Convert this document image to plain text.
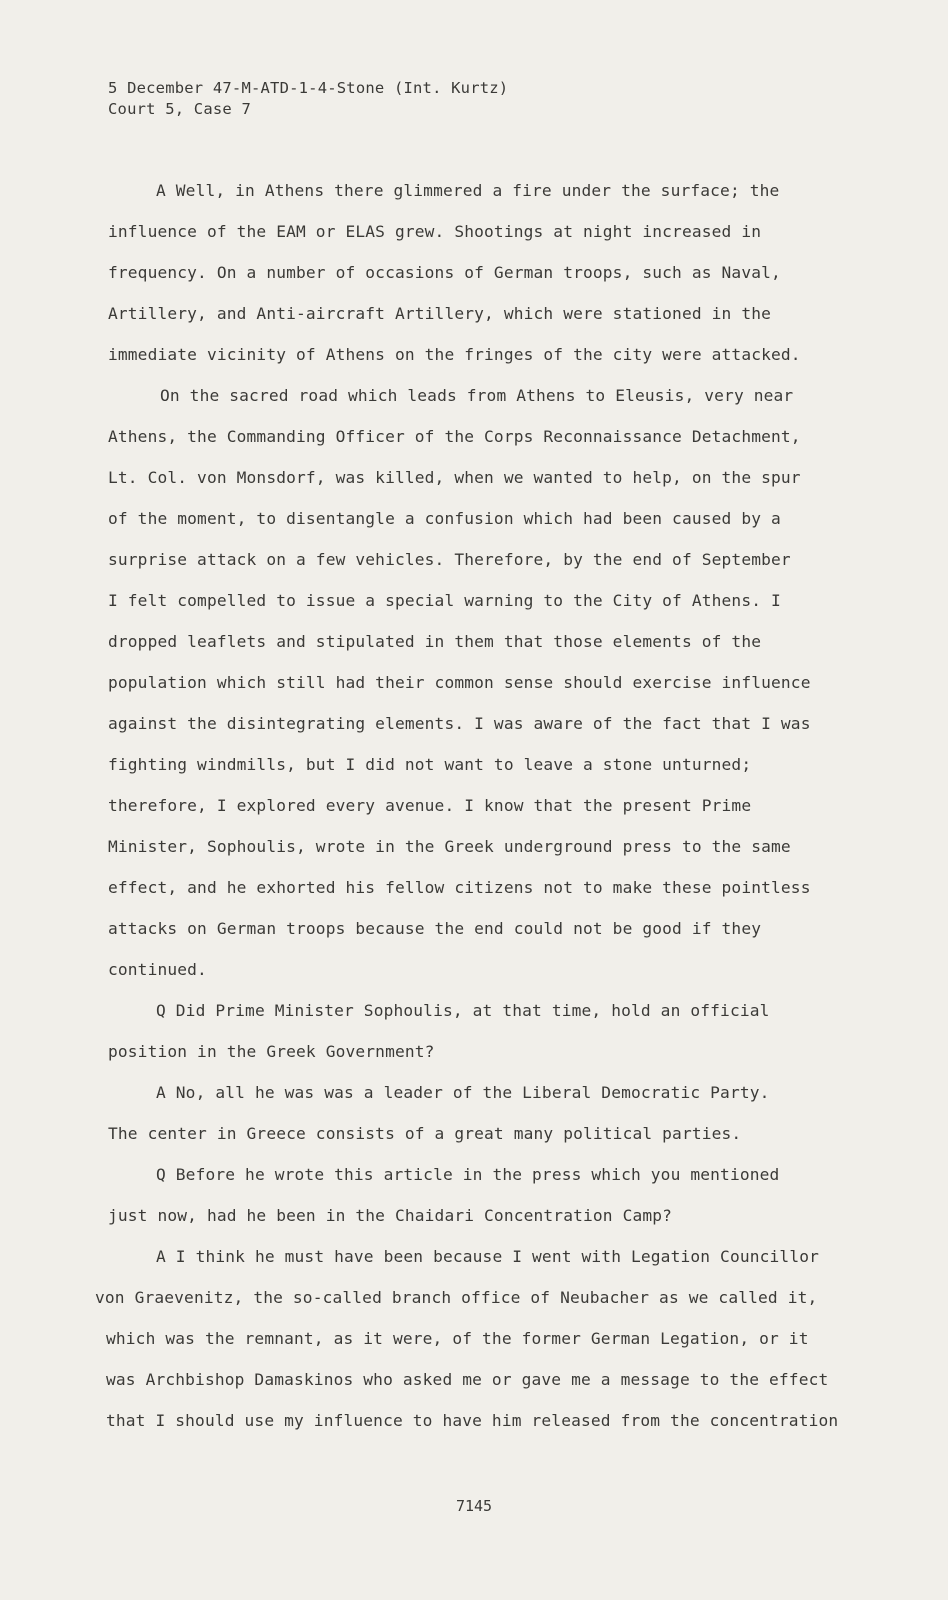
5 December 47-M-ATD-1-4-Stone (Int. Kurtz)
Court 5, Case 7
A Well, in Athens there glimmered a fire under the surface; the
influence of the EAM or ELAS grew. Shootings at night increased in
frequency. On a number of occasions of German troops, such as Naval,
Artillery, and Anti-aircraft Artillery, which were stationed in the
immediate vicinity of Athens on the fringes of the city were attacked.
On the sacred road which leads from Athens to Eleusis, very near
Athens, the Commanding Officer of the Corps Reconnaissance Detachment,
Lt. Col. von Monsdorf, was killed, when we wanted to help, on the spur
of the moment, to disentangle a confusion which had been caused by a
surprise attack on a few vehicles. Therefore, by the end of September
I felt compelled to issue a special warning to the City of Athens. I
dropped leaflets and stipulated in them that those elements of the
population which still had their common sense should exercise influence
against the disintegrating elements. I was aware of the fact that I was
fighting windmills, but I did not want to leave a stone unturned;
therefore, I explored every avenue. I know that the present Prime
Minister, Sophoulis, wrote in the Greek underground press to the same
effect, and he exhorted his fellow citizens not to make these pointless
attacks on German troops because the end could not be good if they
continued.
Q Did Prime Minister Sophoulis, at that time, hold an official
position in the Greek Government?
A No, all he was was a leader of the Liberal Democratic Party.
The center in Greece consists of a great many political parties.
Q Before he wrote this article in the press which you mentioned
just now, had he been in the Chaidari Concentration Camp?
A I think he must have been because I went with Legation Councillor
von Graevenitz, the so-called branch office of Neubacher as we called it,
which was the remnant, as it were, of the former German Legation, or it
was Archbishop Damaskinos who asked me or gave me a message to the effect
that I should use my influence to have him released from the concentration
7145
